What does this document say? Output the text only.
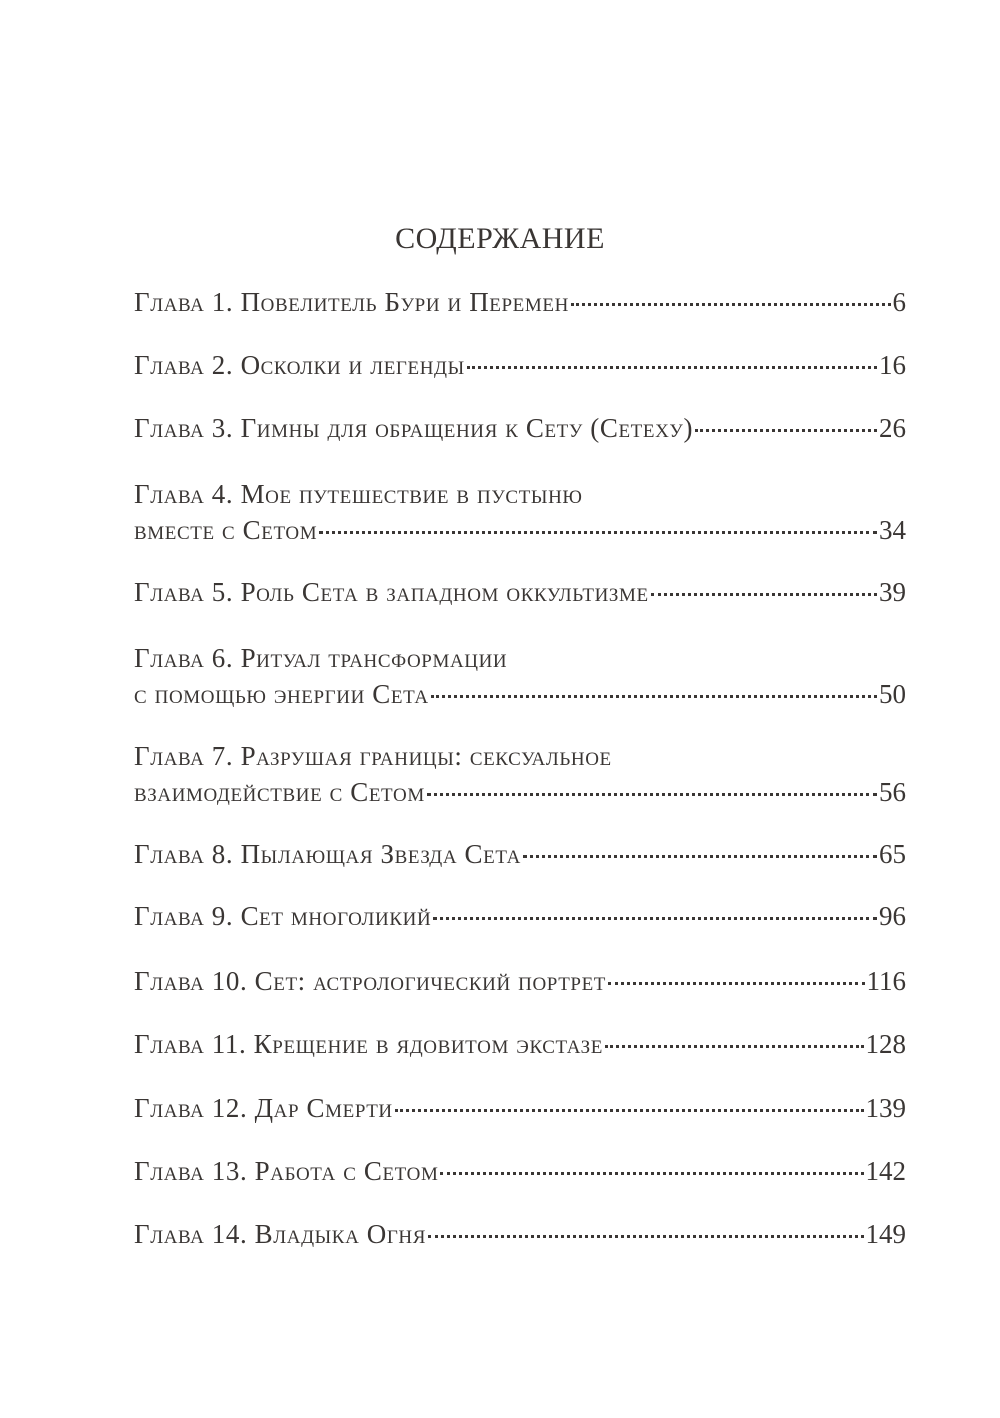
СОДЕРЖАНИЕ
Глава 1. Повелитель Бури и Перемен	6
Глава 2. Осколки и легенды	16
Глава 3. Гимны для обращения к Сету (Сетеху)	26
Глава 4. Мое путешествие в пустыню
вместе с Сетом	34
Глава 5. Роль Сета в западном оккультизме	39
Глава 6. Ритуал трансформации
с помощью энергии Сета	50
Глава 7. Разрушая границы: сексуальное
взаимодействие с Сетом	56
Глава 8. Пылающая Звезда Сета	65
Глава 9. Сет многоликий	96
Глава 10. Сет: астрологический портрет	116
Глава 11. Крещение в ядовитом экстазе	128
Глава 12. Дар Смерти	139
Глава 13. Работа с Сетом	142
Глава 14. Владыка Огня	149
